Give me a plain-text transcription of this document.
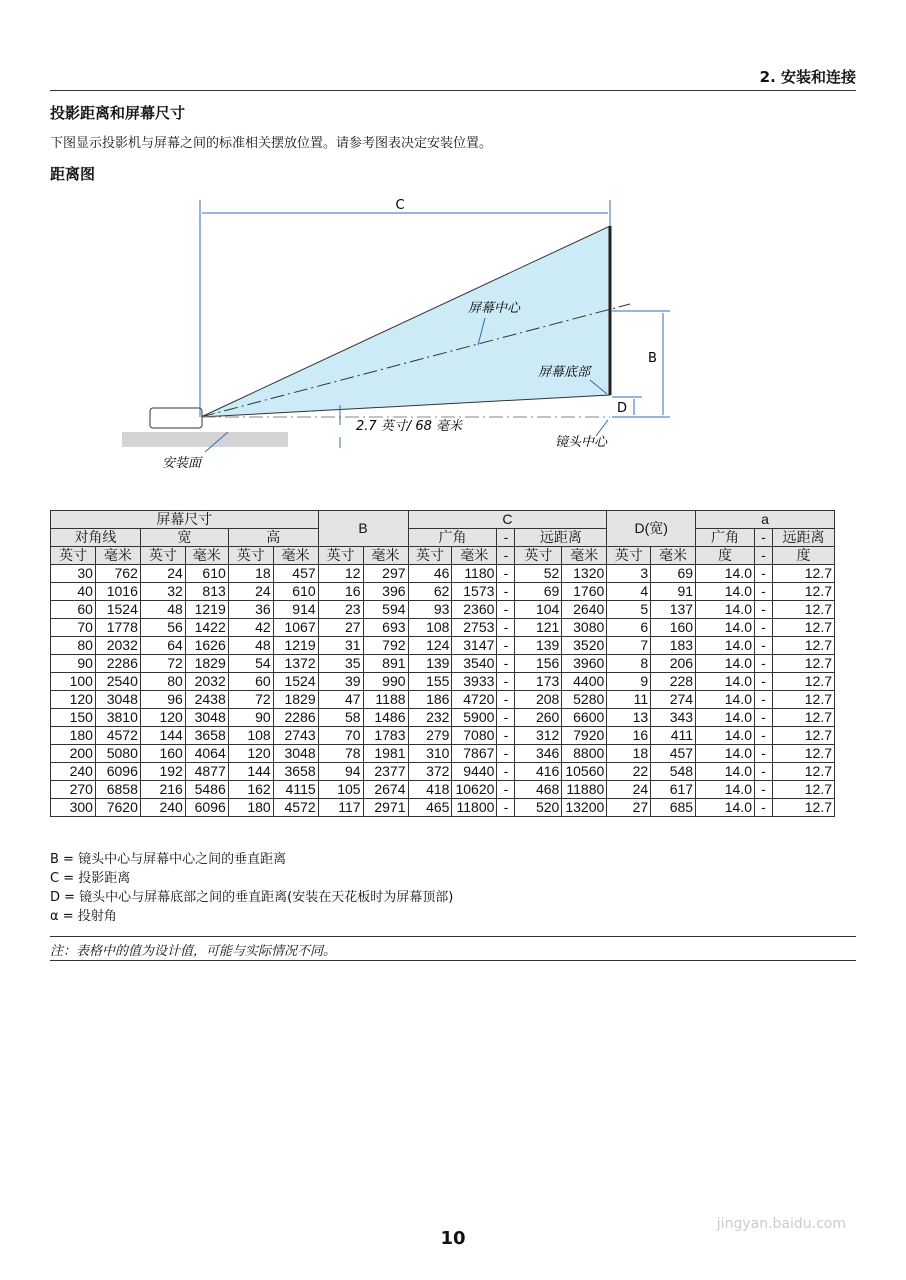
2. 安装和连接
投影距离和屏幕尺寸
下图显示投影机与屏幕之间的标准相关摆放位置。请参考图表决定安装位置。
距离图
C
B
D
屏幕中心
屏幕底部
2.7 英寸/ 68 毫米
镜头中心
安装面
屏幕尺寸						B		C					D(宽)		a		
对角线		宽		高				广角		-	远距离				广角	-	远距离
英寸	毫米	英寸	毫米	英寸	毫米	英寸	毫米	英寸	毫米	-	英寸	毫米	英寸	毫米	度	-	度
30	762	24	610	18	457	12	297	46	1180	-	52	1320	3	69	14.0	-	12.7
40	1016	32	813	24	610	16	396	62	1573	-	69	1760	4	91	14.0	-	12.7
60	1524	48	1219	36	914	23	594	93	2360	-	104	2640	5	137	14.0	-	12.7
70	1778	56	1422	42	1067	27	693	108	2753	-	121	3080	6	160	14.0	-	12.7
80	2032	64	1626	48	1219	31	792	124	3147	-	139	3520	7	183	14.0	-	12.7
90	2286	72	1829	54	1372	35	891	139	3540	-	156	3960	8	206	14.0	-	12.7
100	2540	80	2032	60	1524	39	990	155	3933	-	173	4400	9	228	14.0	-	12.7
120	3048	96	2438	72	1829	47	1188	186	4720	-	208	5280	11	274	14.0	-	12.7
150	3810	120	3048	90	2286	58	1486	232	5900	-	260	6600	13	343	14.0	-	12.7
180	4572	144	3658	108	2743	70	1783	279	7080	-	312	7920	16	411	14.0	-	12.7
200	5080	160	4064	120	3048	78	1981	310	7867	-	346	8800	18	457	14.0	-	12.7
240	6096	192	4877	144	3658	94	2377	372	9440	-	416	10560	22	548	14.0	-	12.7
270	6858	216	5486	162	4115	105	2674	418	10620	-	468	11880	24	617	14.0	-	12.7
300	7620	240	6096	180	4572	117	2971	465	11800	-	520	13200	27	685	14.0	-	12.7
B = 镜头中心与屏幕中心之间的垂直距离
C = 投影距离
D = 镜头中心与屏幕底部之间的垂直距离(安装在天花板时为屏幕顶部)
α = 投射角
注：表格中的值为设计值，可能与实际情况不同。
jingyan.baidu.com
10
